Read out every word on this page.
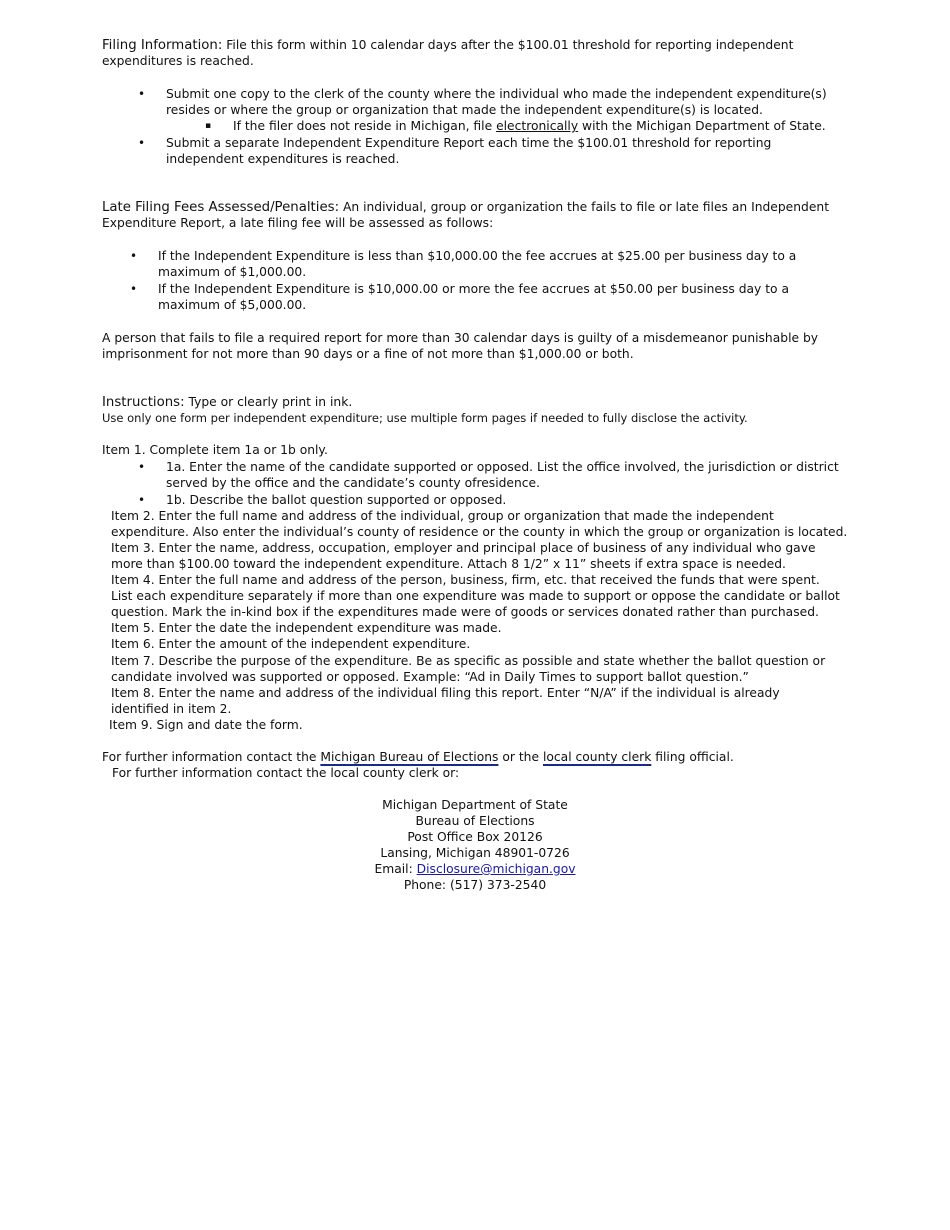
Filing Information: File this form within 10 calendar days after the $100.01 threshold for reporting independent
expenditures is reached.
• Submit one copy to the clerk of the county where the individual who made the independent expenditure(s)
resides or where the group or organization that made the independent expenditure(s) is located.
▪ If the filer does not reside in Michigan, file electronically with the Michigan Department of State.
• Submit a separate Independent Expenditure Report each time the $100.01 threshold for reporting
independent expenditures is reached.
Late Filing Fees Assessed/Penalties: An individual, group or organization the fails to file or late files an Independent
Expenditure Report, a late filing fee will be assessed as follows:
• If the Independent Expenditure is less than $10,000.00 the fee accrues at $25.00 per business day to a
maximum of $1,000.00.
• If the Independent Expenditure is $10,000.00 or more the fee accrues at $50.00 per business day to a
maximum of $5,000.00.
A person that fails to file a required report for more than 30 calendar days is guilty of a misdemeanor punishable by
imprisonment for not more than 90 days or a fine of not more than $1,000.00 or both.
Instructions: Type or clearly print in ink.
Use only one form per independent expenditure; use multiple form pages if needed to fully disclose the activity.
Item 1. Complete item 1a or 1b only.
• 1a. Enter the name of the candidate supported or opposed. List the office involved, the jurisdiction or district
served by the office and the candidate’s county ofresidence.
• 1b. Describe the ballot question supported or opposed.
Item 2. Enter the full name and address of the individual, group or organization that made the independent
expenditure. Also enter the individual’s county of residence or the county in which the group or organization is located.
Item 3. Enter the name, address, occupation, employer and principal place of business of any individual who gave
more than $100.00 toward the independent expenditure. Attach 8 1/2” x 11” sheets if extra space is needed.
Item 4. Enter the full name and address of the person, business, firm, etc. that received the funds that were spent.
List each expenditure separately if more than one expenditure was made to support or oppose the candidate or ballot
question. Mark the in-kind box if the expenditures made were of goods or services donated rather than purchased.
Item 5. Enter the date the independent expenditure was made.
Item 6. Enter the amount of the independent expenditure.
Item 7. Describe the purpose of the expenditure. Be as specific as possible and state whether the ballot question or
candidate involved was supported or opposed. Example: “Ad in Daily Times to support ballot question.”
Item 8. Enter the name and address of the individual filing this report. Enter “N/A” if the individual is already
identified in item 2.
Item 9. Sign and date the form.
For further information contact the Michigan Bureau of Elections or the local county clerk filing official.
For further information contact the local county clerk or:
Michigan Department of State
Bureau of Elections
Post Office Box 20126
Lansing, Michigan 48901-0726
Email: Disclosure@michigan.gov
Phone: (517) 373-2540
